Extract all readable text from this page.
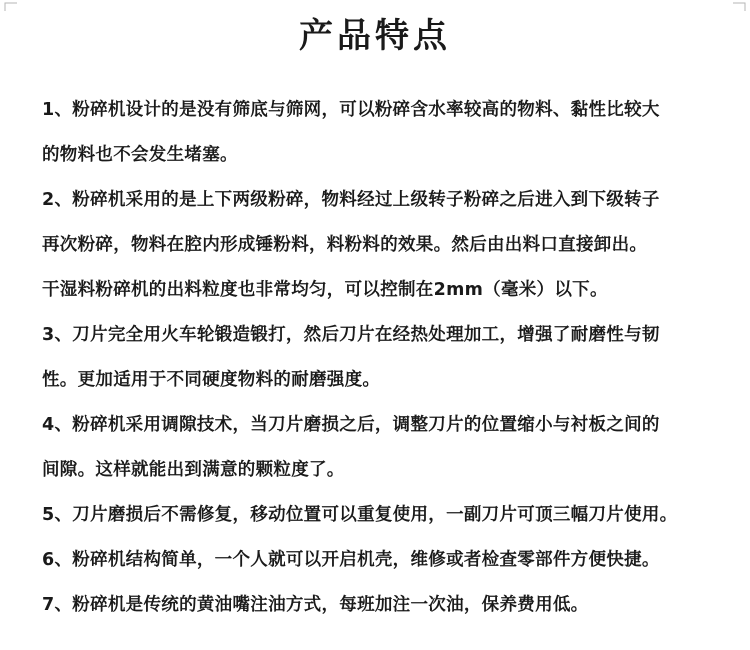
产品特点
1、粉碎机设计的是没有筛底与筛网，可以粉碎含水率较高的物料、黏性比较大
的物料也不会发生堵塞。
2、粉碎机采用的是上下两级粉碎，物料经过上级转子粉碎之后进入到下级转子
再次粉碎，物料在腔内形成锤粉料，料粉料的效果。然后由出料口直接卸出。
干湿料粉碎机的出料粒度也非常均匀，可以控制在2mm（毫米）以下。
3、刀片完全用火车轮锻造锻打，然后刀片在经热处理加工，增强了耐磨性与韧
性。更加适用于不同硬度物料的耐磨强度。
4、粉碎机采用调隙技术，当刀片磨损之后，调整刀片的位置缩小与衬板之间的
间隙。这样就能出到满意的颗粒度了。
5、刀片磨损后不需修复，移动位置可以重复使用，一副刀片可顶三幅刀片使用。
6、粉碎机结构简单，一个人就可以开启机壳，维修或者检查零部件方便快捷。
7、粉碎机是传统的黄油嘴注油方式，每班加注一次油，保养费用低。
